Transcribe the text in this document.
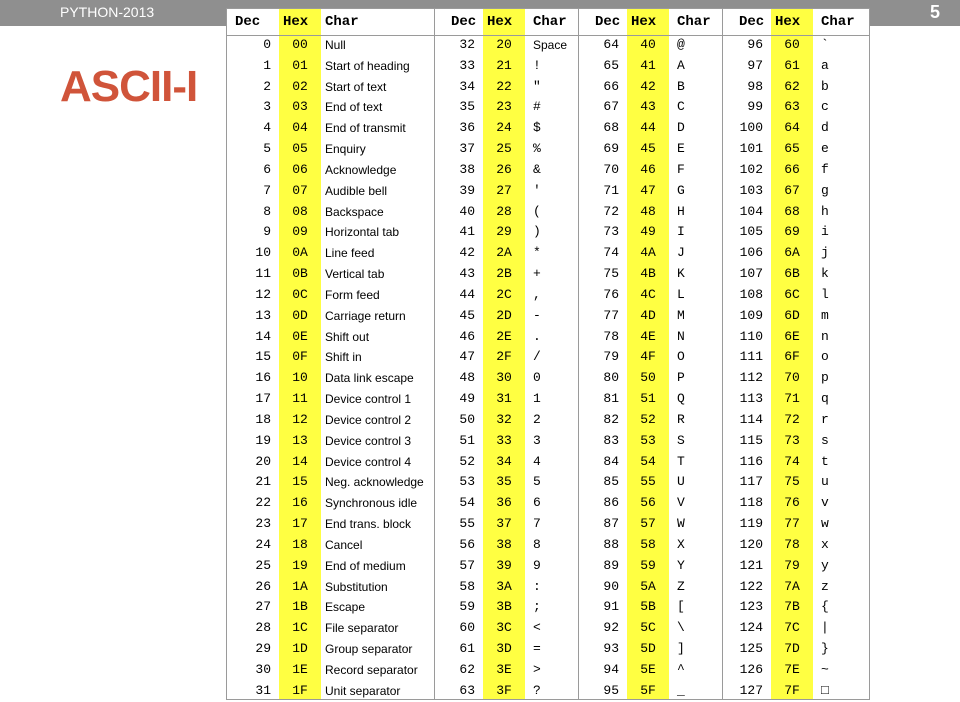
PYTHON-2013	5
ASCII-I
Dec Hex Char
0	00	Null
1	01	Start of heading
2	02	Start of text
3	03	End of text
4	04	End of transmit
5	05	Enquiry
6	06	Acknowledge
7	07	Audible bell
8	08	Backspace
9	09	Horizontal tab
10	0A	Line feed
11	0B	Vertical tab
12	0C	Form feed
13	0D	Carriage return
14	0E	Shift out
15	0F	Shift in
16	10	Data link escape
17	11	Device control 1
18	12	Device control 2
19	13	Device control 3
20	14	Device control 4
21	15	Neg. acknowledge
22	16	Synchronous idle
23	17	End trans. block
24	18	Cancel
25	19	End of medium
26	1A	Substitution
27	1B	Escape
28	1C	File separator
29	1D	Group separator
30	1E	Record separator
31	1F	Unit separator
Dec Hex Char
32	20	Space
33	21	!
34	22	"
35	23	#
36	24	$
37	25	%
38	26	&
39	27	'
40	28	(
41	29	)
42	2A	*
43	2B	+
44	2C	,
45	2D	-
46	2E	.
47	2F	/
48	30	0
49	31	1
50	32	2
51	33	3
52	34	4
53	35	5
54	36	6
55	37	7
56	38	8
57	39	9
58	3A	:
59	3B	;
60	3C	<
61	3D	=
62	3E	>
63	3F	?
Dec Hex Char
64	40	@
65	41	A
66	42	B
67	43	C
68	44	D
69	45	E
70	46	F
71	47	G
72	48	H
73	49	I
74	4A	J
75	4B	K
76	4C	L
77	4D	M
78	4E	N
79	4F	O
80	50	P
81	51	Q
82	52	R
83	53	S
84	54	T
85	55	U
86	56	V
87	57	W
88	58	X
89	59	Y
90	5A	Z
91	5B	[
92	5C	\
93	5D	]
94	5E	^
95	5F	_
Dec Hex Char
96	60	`
97	61	a
98	62	b
99	63	c
100	64	d
101	65	e
102	66	f
103	67	g
104	68	h
105	69	i
106	6A	j
107	6B	k
108	6C	l
109	6D	m
110	6E	n
111	6F	o
112	70	p
113	71	q
114	72	r
115	73	s
116	74	t
117	75	u
118	76	v
119	77	w
120	78	x
121	79	y
122	7A	z
123	7B	{
124	7C	|
125	7D	}
126	7E	~
127	7F	□
